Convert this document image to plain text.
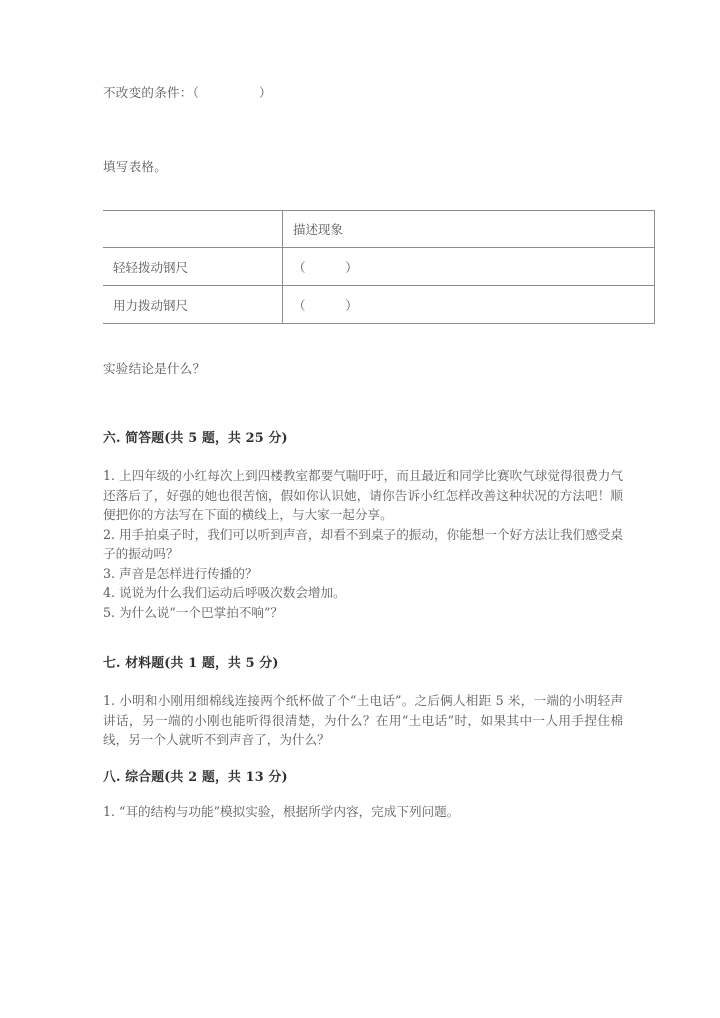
不改变的条件：（              ）
填写表格。
	描述现象
轻轻拨动钢尺	（          ）
用力拨动钢尺	（          ）
实验结论是什么？
六. 简答题(共 5 题，共 25 分)
1. 上四年级的小红每次上到四楼教室都要气喘吁吁，而且最近和同学比赛吹气球觉得很费力气还落后了，好强的她也很苦恼，假如你认识她，请你告诉小红怎样改善这种状况的方法吧！顺便把你的方法写在下面的横线上，与大家一起分享。
2. 用手拍桌子时，我们可以听到声音，却看不到桌子的振动，你能想一个好方法让我们感受桌子的振动吗？
3. 声音是怎样进行传播的？
4. 说说为什么我们运动后呼吸次数会增加。
5. 为什么说“一个巴掌拍不响”？
七. 材料题(共 1 题，共 5 分)
1. 小明和小刚用细棉线连接两个纸杯做了个“土电话”。之后俩人相距 5 米，一端的小明轻声讲话，另一端的小刚也能听得很清楚，为什么？在用“土电话”时，如果其中一人用手捏住棉线，另一个人就听不到声音了，为什么？
八. 综合题(共 2 题，共 13 分)
1. “耳的结构与功能”模拟实验，根据所学内容，完成下列问题。
